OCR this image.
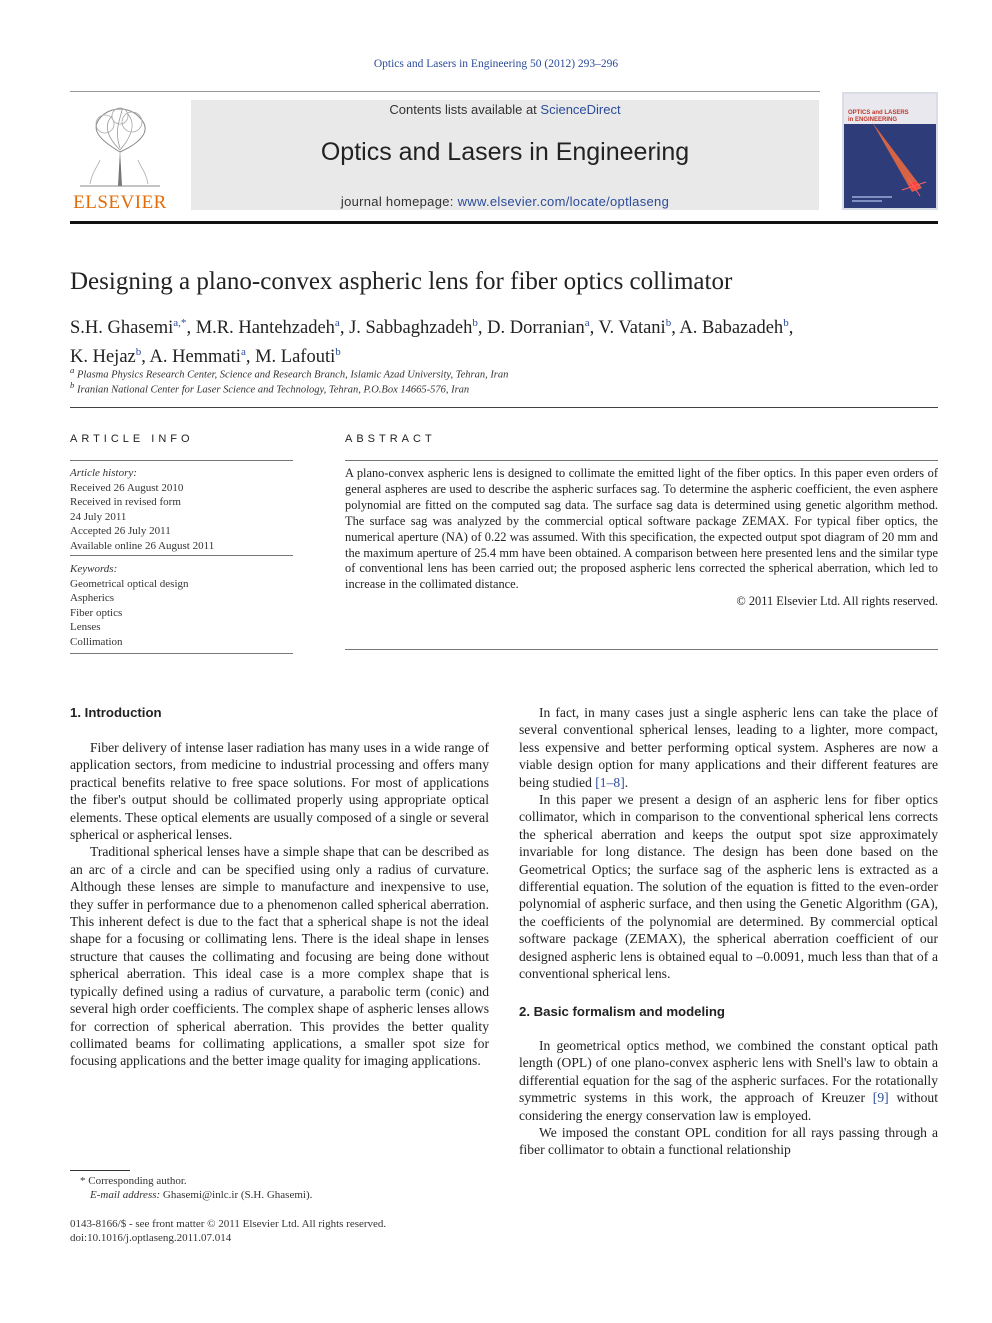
Optics and Lasers in Engineering 50 (2012) 293–296
ELSEVIER
Contents lists available at ScienceDirect
Optics and Lasers in Engineering
journal homepage: www.elsevier.com/locate/optlaseng
OPTICS and LASERS
in ENGINEERING
Designing a plano-convex aspheric lens for fiber optics collimator
S.H. Ghasemi$^{a,*}$, M.R. Hantehzadeh$^a$, J. Sabbaghzadeh$^b$, D. Dorranian$^a$, V. Vatani$^b$, A. Babazadeh$^b$,
K. Hejaz$^b$, A. Hemmati$^a$, M. Lafouti$^b$
$^a$ Plasma Physics Research Center, Science and Research Branch, Islamic Azad University, Tehran, Iran
$^b$ Iranian National Center for Laser Science and Technology, Tehran, P.O.Box 14665-576, Iran
ARTICLE INFO
Article history:
Received 26 August 2010
Received in revised form
24 July 2011
Accepted 26 July 2011
Available online 26 August 2011
Keywords:
Geometrical optical design
Aspherics
Fiber optics
Lenses
Collimation
ABSTRACT
A plano-convex aspheric lens is designed to collimate the emitted light of the fiber optics. In this paper even orders of general aspheres are used to describe the aspheric surfaces sag. To determine the aspheric coefficient, the even asphere polynomial are fitted on the computed sag data. The surface sag data is determined using genetic algorithm method. The surface sag was analyzed by the commercial optical software package ZEMAX. For typical fiber optics, the numerical aperture (NA) of 0.22 was assumed. With this specification, the expected output spot diagram of 20 mm and the maximum aperture of 25.4 mm have been obtained. A comparison between here presented lens and the similar type of conventional lens has been carried out; the proposed aspheric lens corrected the spherical aberration, which led to increase in the collimated distance.
© 2011 Elsevier Ltd. All rights reserved.
1. Introduction

Fiber delivery of intense laser radiation has many uses in a wide range of application sectors, from medicine to industrial processing and offers many practical benefits relative to free space solutions. For most of applications the fiber's output should be collimated properly using appropriate optical elements. These optical elements are usually composed of a single or several spherical or aspherical lenses.

Traditional spherical lenses have a simple shape that can be described as an arc of a circle and can be specified using only a radius of curvature. Although these lenses are simple to manufacture and inexpensive to use, they suffer in performance due to a phenomenon called spherical aberration. This inherent defect is due to the fact that a spherical shape is not the ideal shape for a focusing or collimating lens. There is the ideal shape in lenses structure that causes the collimating and focusing are being done without spherical aberration. This ideal case is a more complex shape that is typically defined using a radius of curvature, a parabolic term (conic) and several high order coefficients. The complex shape of aspheric lenses allows for correction of spherical aberration. This provides the better quality collimated beams for collimating applications, a smaller spot size for focusing applications and the better image quality for imaging applications.

In fact, in many cases just a single aspheric lens can take the place of several conventional spherical lenses, leading to a lighter, more compact, less expensive and better performing optical system. Aspheres are now a viable design option for many applications and their different features are being studied [1–8].

In this paper we present a design of an aspheric lens for fiber optics collimator, which in comparison to the conventional spherical lens corrects the spherical aberration and keeps the output spot size approximately invariable for long distance. The design has been done based on the Geometrical Optics; the surface sag of the aspheric lens is extracted as a differential equation. The solution of the equation is fitted to the even-order polynomial of aspheric surface, and then using the Genetic Algorithm (GA), the coefficients of the polynomial are determined. By commercial optical software package (ZEMAX), the spherical aberration coefficient of our designed aspheric lens is obtained equal to –0.0091, much less than that of a conventional spherical lens.

2. Basic formalism and modeling

In geometrical optics method, we combined the constant optical path length (OPL) of one plano-convex aspheric lens with Snell's law to obtain a differential equation for the sag of the aspheric surfaces. For the rotationally symmetric systems in this work, the approach of Kreuzer [9] without considering the energy conservation law is employed.

We imposed the constant OPL condition for all rays passing through a fiber collimator to obtain a functional relationship

* Corresponding author.
E-mail address: Ghasemi@inlc.ir (S.H. Ghasemi).
0143-8166/$ - see front matter © 2011 Elsevier Ltd. All rights reserved.
doi:10.1016/j.optlaseng.2011.07.014
